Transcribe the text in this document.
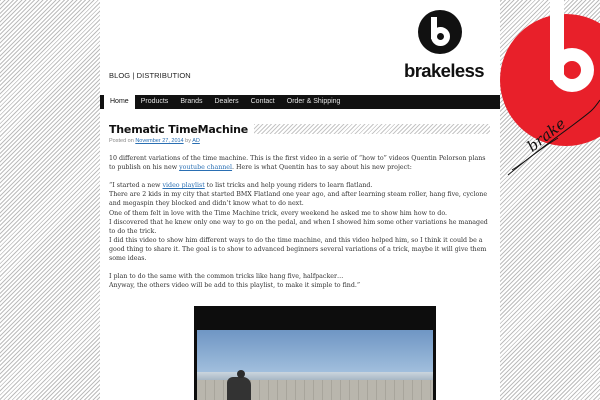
brake
BLOG | DISTRIBUTION	brakeless
Home	Products	Brands	Dealers	Contact	Order & Shipping
Thematic TimeMachine
Posted on November 27, 2014 by AD

10 different variations of the time machine. This is the first video in a serie of “how to” videos Quentin Pelorson plans to publish on his new youtube channel. Here is what Quentin has to say about his new project:

“I started a new video playlist to list tricks and help young riders to learn flatland.
There are 2 kids in my city that started BMX Flatland one year ago, and after learning steam roller, hang five, cyclone and megaspin they blocked and didn’t know what to do next.
One of them felt in love with the Time Machine trick, every weekend he asked me to show him how to do.
I discovered that he knew only one way to go on the pedal, and when I showed him some other variations he managed to do the trick.
I did this video to show him different ways to do the time machine, and this video helped him, so I think it could be a good thing to share it. The goal is to show to advanced beginners several variations of a trick, maybe it will give them some ideas.

I plan to do the same with the common tricks like hang five, halfpacker…
Anyway, the others video will be add to this playlist, to make it simple to find.”
